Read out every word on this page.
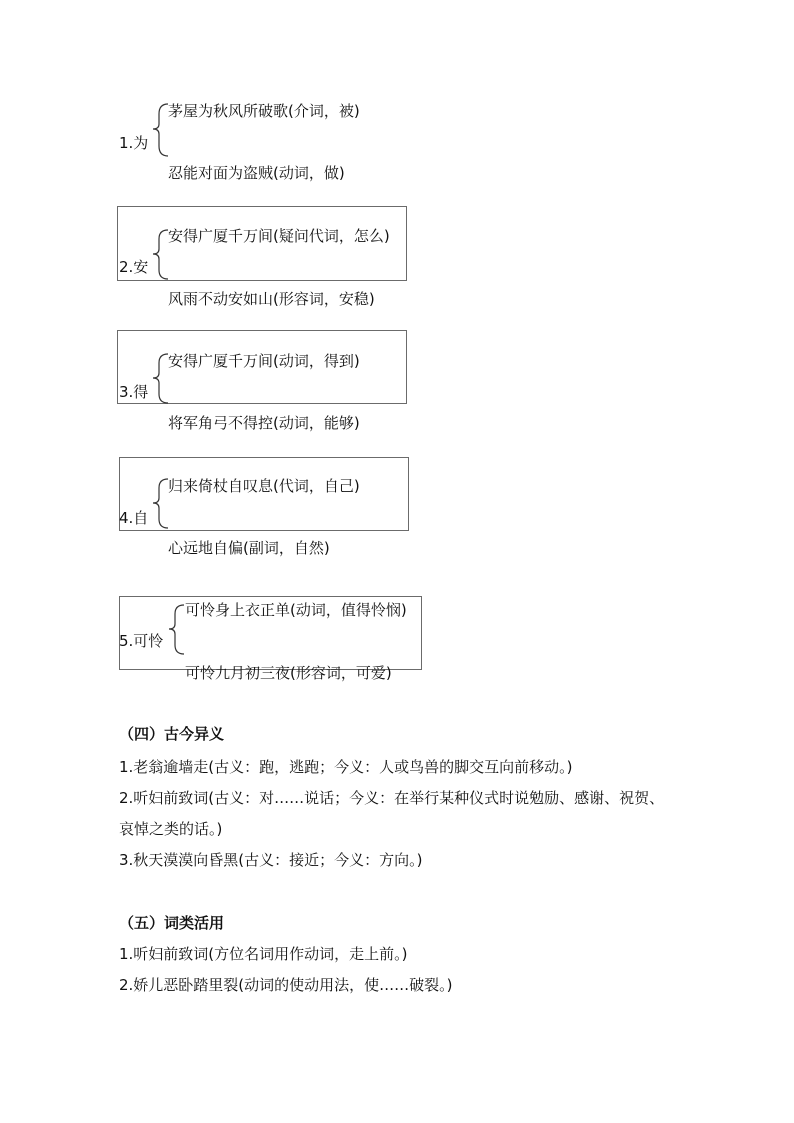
1.为
茅屋为秋风所破歌(介词，被)
忍能对面为盗贼(动词，做)
2.安
安得广厦千万间(疑问代词，怎么)
风雨不动安如山(形容词，安稳)
3.得
安得广厦千万间(动词，得到)
将军角弓不得控(动词，能够)
4.自
归来倚杖自叹息(代词，自己)
心远地自偏(副词，自然)
5.可怜
可怜身上衣正单(动词，值得怜悯)
可怜九月初三夜(形容词，可爱)
（四）古今异义
1.老翁逾墙走(古义：跑，逃跑；今义：人或鸟兽的脚交互向前移动。)
2.听妇前致词(古义：对……说话；今义：在举行某种仪式时说勉励、感谢、祝贺、
哀悼之类的话。)
3.秋天漠漠向昏黑(古义：接近；今义：方向。)
（五）词类活用
1.听妇前致词(方位名词用作动词，走上前。)
2.娇儿恶卧踏里裂(动词的使动用法，使……破裂。)
